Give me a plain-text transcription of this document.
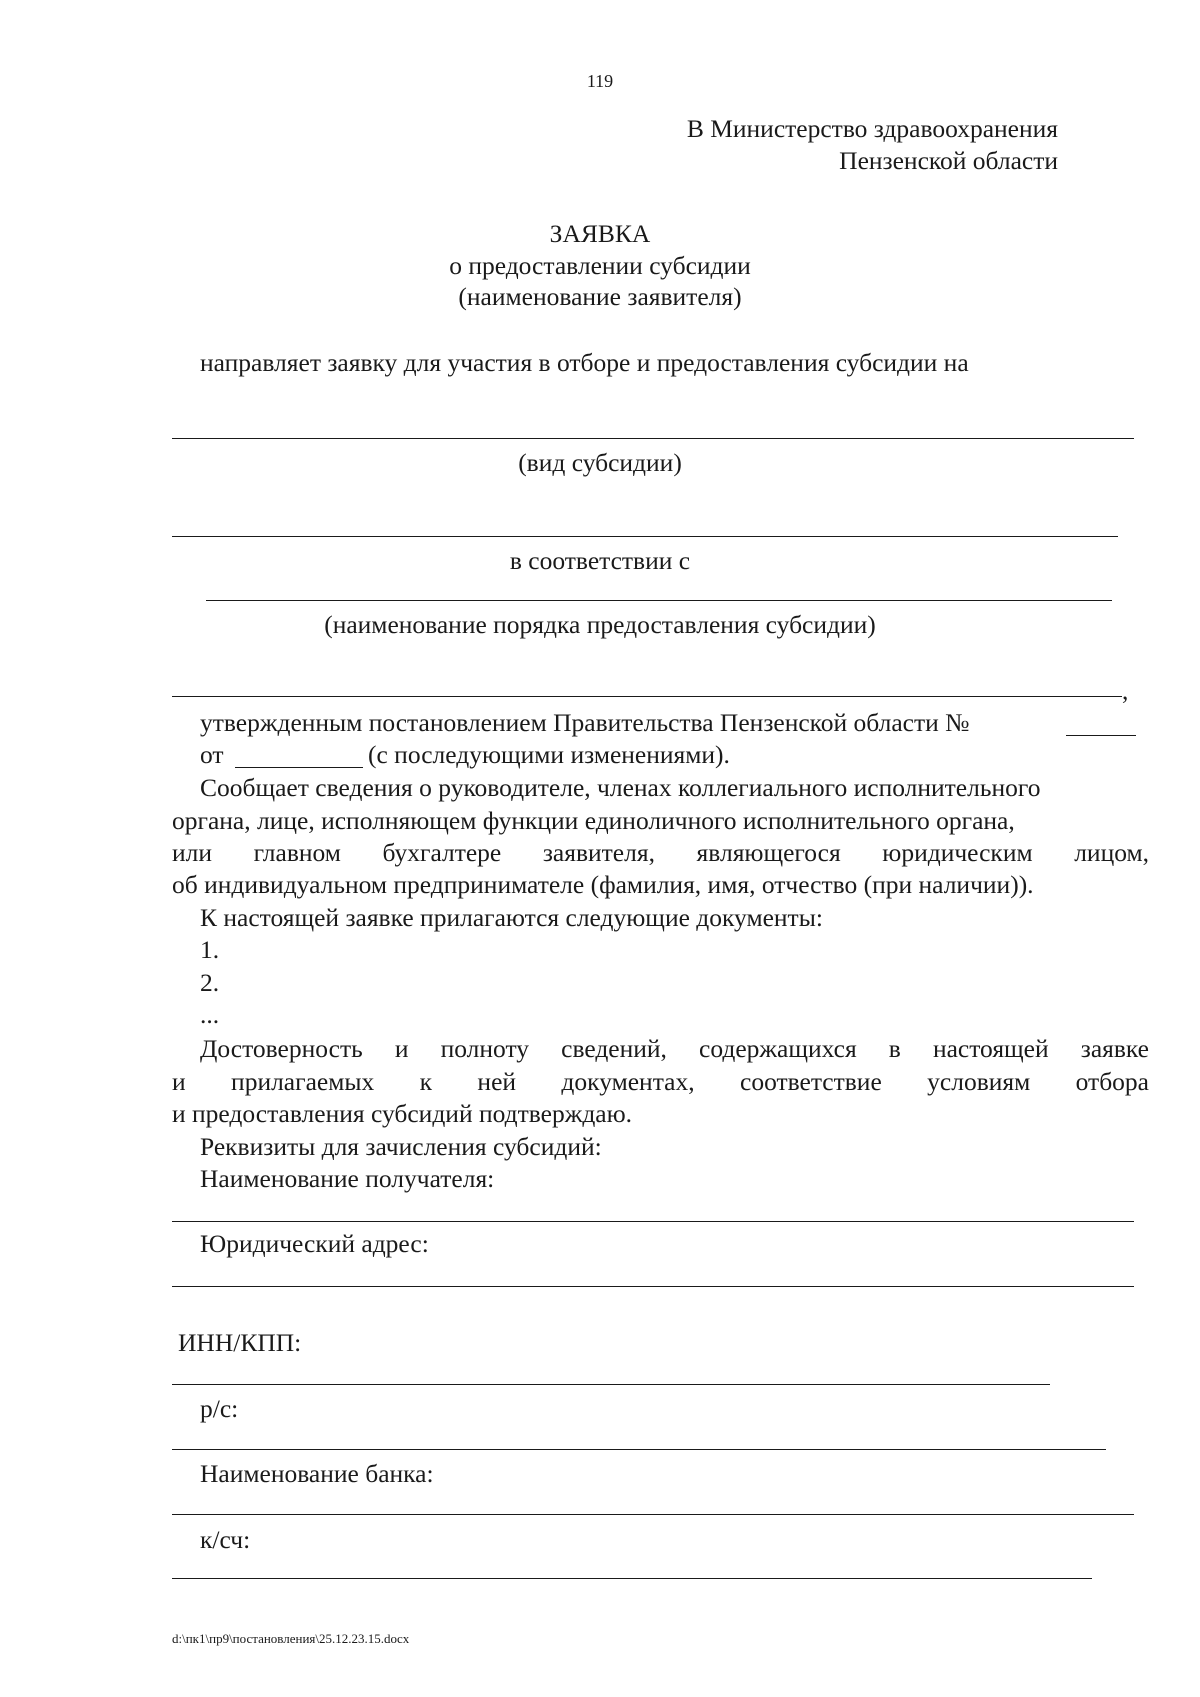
119
В Министерство здравоохранения
Пензенской области
ЗАЯВКА
о предоставлении субсидии
(наименование заявителя)
направляет заявку для участия в отборе и предоставления субсидии на
(вид субсидии)
в соответствии с
(наименование порядка предоставления субсидии)
,
утвержденным постановлением Правительства Пензенской области №
от	(с последующими изменениями).
Сообщает сведения о руководителе, членах коллегиального исполнительного
органа, лице, исполняющем функции единоличного исполнительного органа,
или главном бухгалтере заявителя, являющегося юридическим лицом,
об индивидуальном предпринимателе (фамилия, имя, отчество (при наличии)).
К настоящей заявке прилагаются следующие документы:
1.
2.
...
Достоверность и полноту сведений, содержащихся в настоящей заявке
и прилагаемых к ней документах, соответствие условиям отбора
и предоставления субсидий подтверждаю.
Реквизиты для зачисления субсидий:
Наименование получателя:
Юридический адрес:
ИНН/КПП:
р/с:
Наименование банка:
к/сч:
d:\пк1\пр9\постановления\25.12.23.15.docx
